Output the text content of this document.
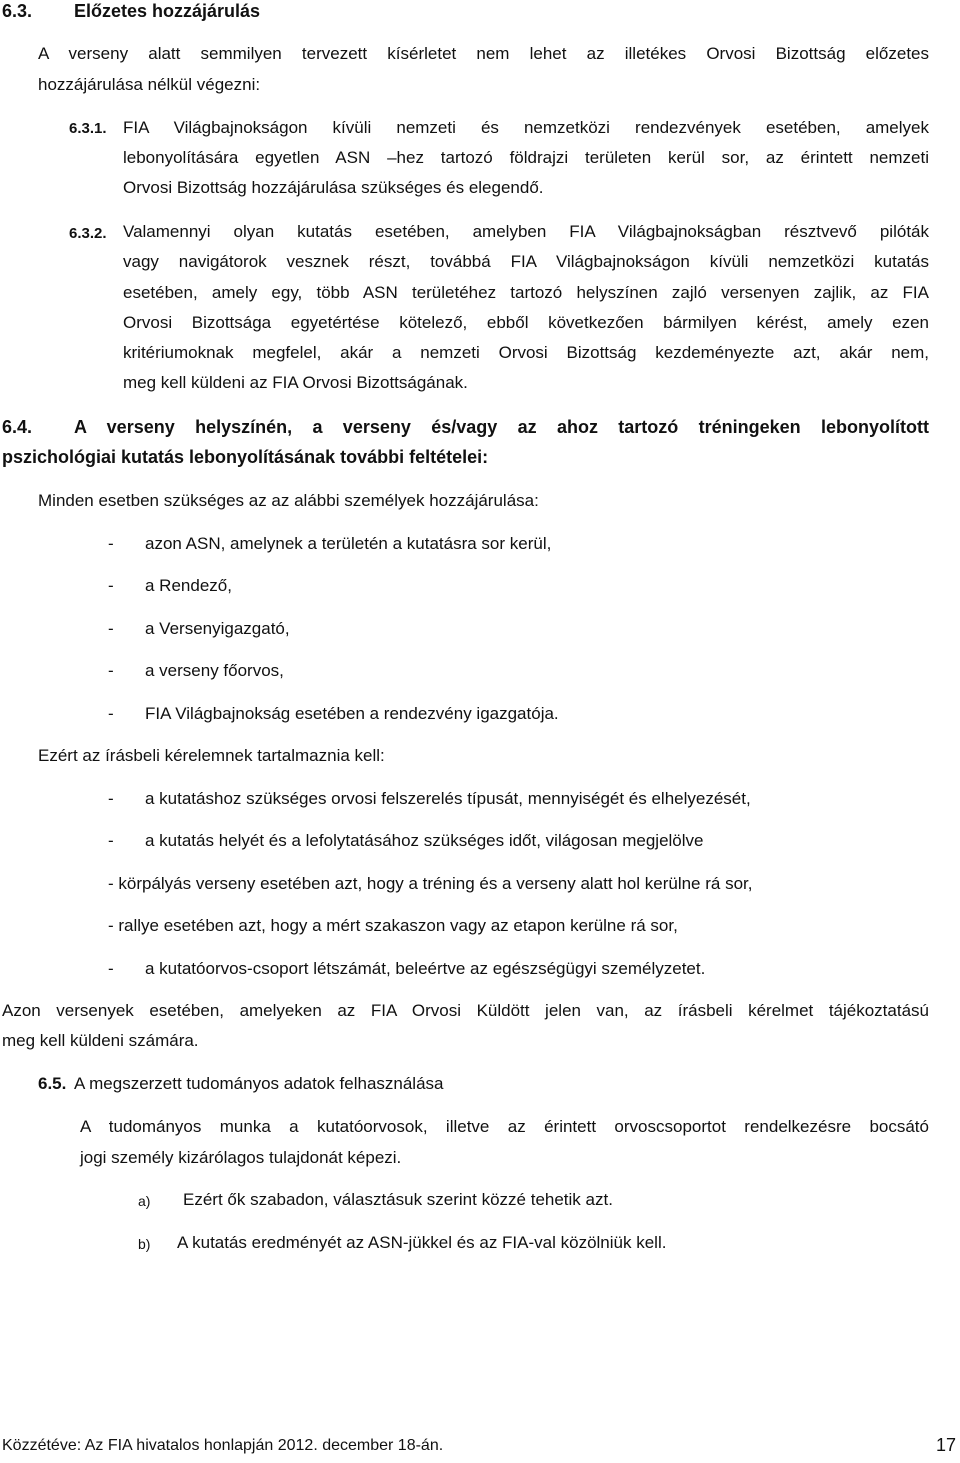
6.3. Előzetes hozzájárulás
A verseny alatt semmilyen tervezett kísérletet nem lehet az illetékes Orvosi Bizottság előzetes
hozzájárulása nélkül végezni:
6.3.1. FIA Világbajnokságon kívüli nemzeti és nemzetközi rendezvények esetében, amelyek
lebonyolítására egyetlen ASN –hez tartozó földrajzi területen kerül sor, az érintett nemzeti
Orvosi Bizottság hozzájárulása szükséges és elegendő.
6.3.2. Valamennyi olyan kutatás esetében, amelyben FIA Világbajnokságban résztvevő pilóták
vagy navigátorok vesznek részt, továbbá FIA Világbajnokságon kívüli nemzetközi kutatás
esetében, amely egy, több ASN területéhez tartozó helyszínen zajló versenyen zajlik, az FIA
Orvosi Bizottsága egyetértése kötelező, ebből következően bármilyen kérést, amely ezen
kritériumoknak megfelel, akár a nemzeti Orvosi Bizottság kezdeményezte azt, akár nem,
meg kell küldeni az FIA Orvosi Bizottságának.
6.4. A verseny helyszínén, a verseny és/vagy az ahoz tartozó tréningeken lebonyolított
pszichológiai kutatás lebonyolításának további feltételei:
Minden esetben szükséges az az alábbi személyek hozzájárulása:
- azon ASN, amelynek a területén a kutatásra sor kerül,
- a Rendező,
- a Versenyigazgató,
- a verseny főorvos,
- FIA Világbajnokság esetében a rendezvény igazgatója.
Ezért az írásbeli kérelemnek tartalmaznia kell:
- a kutatáshoz szükséges orvosi felszerelés típusát, mennyiségét és elhelyezését,
- a kutatás helyét és a lefolytatásához szükséges időt, világosan megjelölve
- körpályás verseny esetében azt, hogy a tréning és a verseny alatt hol kerülne rá sor,
- rallye esetében azt, hogy a mért szakaszon vagy az etapon kerülne rá sor,
- a kutatóorvos-csoport létszámát, beleértve az egészségügyi személyzetet.
Azon versenyek esetében, amelyeken az FIA Orvosi Küldött jelen van, az írásbeli kérelmet tájékoztatású
meg kell küldeni számára.
6.5. A megszerzett tudományos adatok felhasználása
A tudományos munka a kutatóorvosok, illetve az érintett orvoscsoportot rendelkezésre bocsátó
jogi személy kizárólagos tulajdonát képezi.
a) Ezért ők szabadon, választásuk szerint közzé tehetik azt.
b) A kutatás eredményét az ASN-jükkel és az FIA-val közölniük kell.
Közzétéve: Az FIA hivatalos honlapján 2012. december 18-án.	17
